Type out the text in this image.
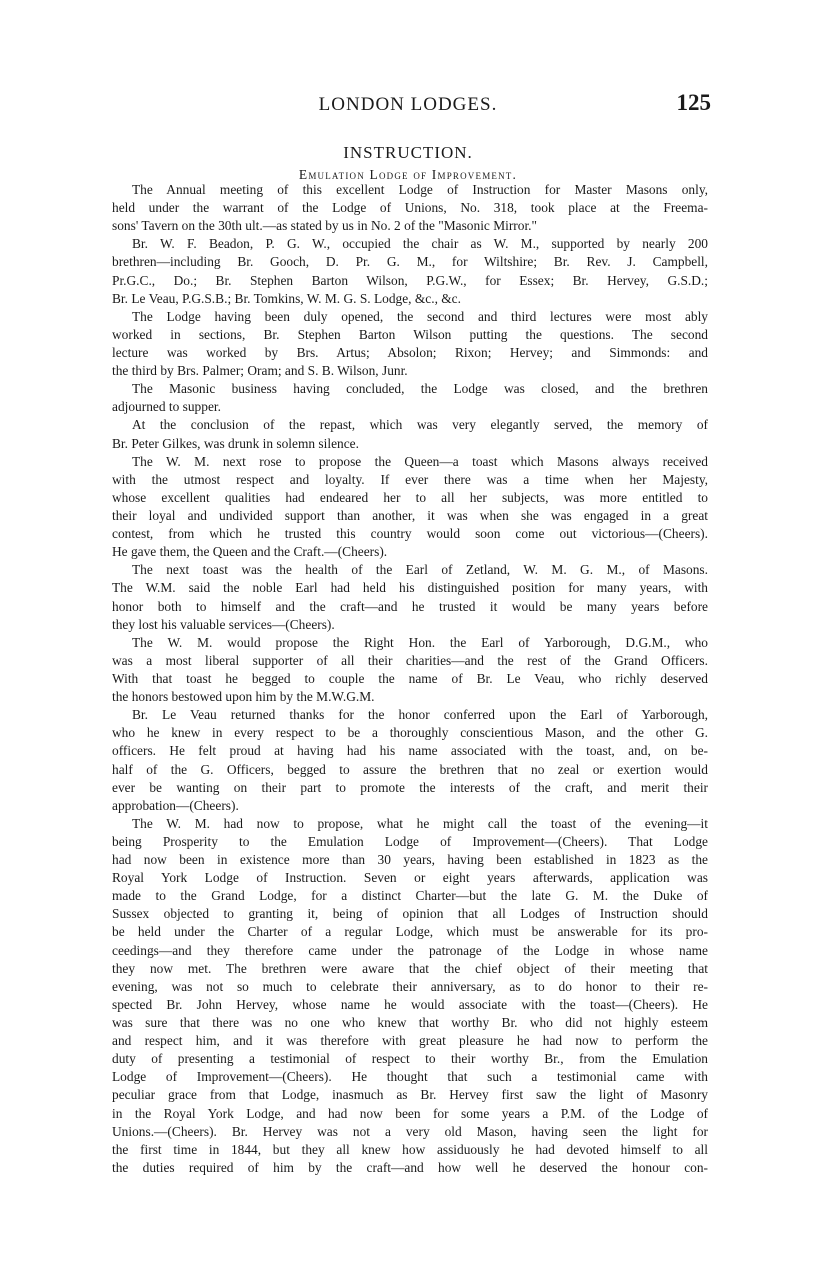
LONDON LODGES.	125
INSTRUCTION.
Emulation Lodge of Improvement.
The Annual meeting of this excellent Lodge of Instruction for Master Masons only,
held under the warrant of the Lodge of Unions, No. 318, took place at the Freema-
sons' Tavern on the 30th ult.—as stated by us in No. 2 of the "Masonic Mirror."
Br. W. F. Beadon, P. G. W., occupied the chair as W. M., supported by nearly 200
brethren—including Br. Gooch, D. Pr. G. M., for Wiltshire; Br. Rev. J. Campbell,
Pr.G.C., Do.; Br. Stephen Barton Wilson, P.G.W., for Essex; Br. Hervey, G.S.D.;
Br. Le Veau, P.G.S.B.; Br. Tomkins, W. M. G. S. Lodge, &c., &c.
The Lodge having been duly opened, the second and third lectures were most ably
worked in sections, Br. Stephen Barton Wilson putting the questions. The second
lecture was worked by Brs. Artus; Absolon; Rixon; Hervey; and Simmonds: and
the third by Brs. Palmer; Oram; and S. B. Wilson, Junr.
The Masonic business having concluded, the Lodge was closed, and the brethren
adjourned to supper.
At the conclusion of the repast, which was very elegantly served, the memory of
Br. Peter Gilkes, was drunk in solemn silence.
The W. M. next rose to propose the Queen—a toast which Masons always received
with the utmost respect and loyalty. If ever there was a time when her Majesty,
whose excellent qualities had endeared her to all her subjects, was more entitled to
their loyal and undivided support than another, it was when she was engaged in a great
contest, from which he trusted this country would soon come out victorious—(Cheers).
He gave them, the Queen and the Craft.—(Cheers).
The next toast was the health of the Earl of Zetland, W. M. G. M., of Masons.
The W.M. said the noble Earl had held his distinguished position for many years, with
honor both to himself and the craft—and he trusted it would be many years before
they lost his valuable services—(Cheers).
The W. M. would propose the Right Hon. the Earl of Yarborough, D.G.M., who
was a most liberal supporter of all their charities—and the rest of the Grand Officers.
With that toast he begged to couple the name of Br. Le Veau, who richly deserved
the honors bestowed upon him by the M.W.G.M.
Br. Le Veau returned thanks for the honor conferred upon the Earl of Yarborough,
who he knew in every respect to be a thoroughly conscientious Mason, and the other G.
officers. He felt proud at having had his name associated with the toast, and, on be-
half of the G. Officers, begged to assure the brethren that no zeal or exertion would
ever be wanting on their part to promote the interests of the craft, and merit their
approbation—(Cheers).
The W. M. had now to propose, what he might call the toast of the evening—it
being Prosperity to the Emulation Lodge of Improvement—(Cheers). That Lodge
had now been in existence more than 30 years, having been established in 1823 as the
Royal York Lodge of Instruction. Seven or eight years afterwards, application was
made to the Grand Lodge, for a distinct Charter—but the late G. M. the Duke of
Sussex objected to granting it, being of opinion that all Lodges of Instruction should
be held under the Charter of a regular Lodge, which must be answerable for its pro-
ceedings—and they therefore came under the patronage of the Lodge in whose name
they now met. The brethren were aware that the chief object of their meeting that
evening, was not so much to celebrate their anniversary, as to do honor to their re-
spected Br. John Hervey, whose name he would associate with the toast—(Cheers). He
was sure that there was no one who knew that worthy Br. who did not highly esteem
and respect him, and it was therefore with great pleasure he had now to perform the
duty of presenting a testimonial of respect to their worthy Br., from the Emulation
Lodge of Improvement—(Cheers). He thought that such a testimonial came with
peculiar grace from that Lodge, inasmuch as Br. Hervey first saw the light of Masonry
in the Royal York Lodge, and had now been for some years a P.M. of the Lodge of
Unions.—(Cheers). Br. Hervey was not a very old Mason, having seen the light for
the first time in 1844, but they all knew how assiduously he had devoted himself to all
the duties required of him by the craft—and how well he deserved the honour con-
